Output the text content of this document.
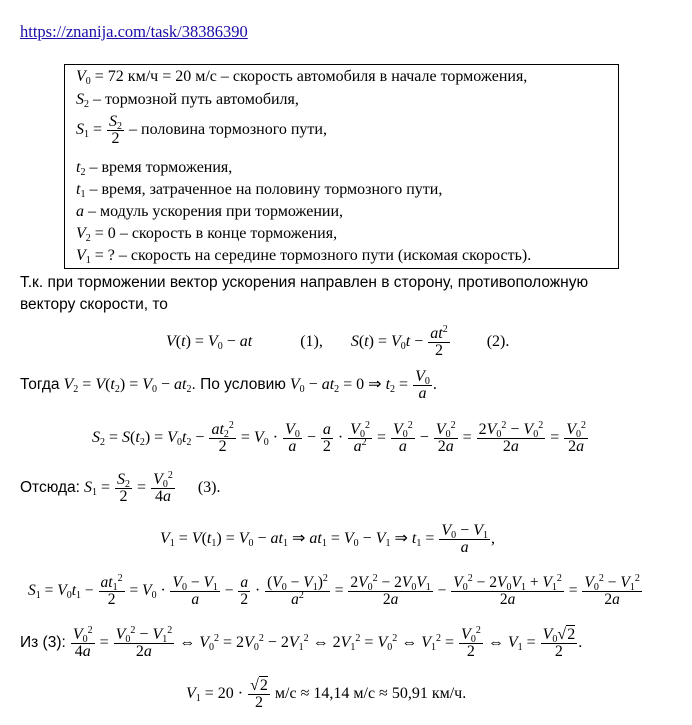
https://znanija.com/task/38386390
$V_0 = 72$ км/ч = 20 м/с – скорость автомобиля в начале торможения,
$S_2$ – тормозной путь автомобиля,
$S_1 = \frac{S_2}{2}$ – половина тормозного пути,
$t_2$ – время торможения,
$t_1$ – время, затраченное на половину тормозного пути,
a – модуль ускорения при торможении,
$V_2 = 0$ – скорость в конце торможения,
$V_1$ = ? – скорость на середине тормозного пути (искомая скорость).
Т.к. при торможении вектор ускорения направлен в сторону, противоположную
вектору скорости, то
$V(t) = V_0$ − at	(1), $S(t) = V_0t - \frac{at^2}{2} (2)$.
Тогда $V_2 = V(t_2) = V_0 - at_2$. По условию $V_0 - at_2 = 0$ ⇒ $t_2 = \frac{V_0}{a}$ .
$S_2 = S(t_2) = V_0t_2 - \frac{at_2^2}{2} = V_0 \cdot \frac{V_0}{a} - \frac{a}{2} \cdot \frac{V_0^2}{a^2} = \frac{V_0^2}{a} - \frac{V_0^2}{2a} = \frac{2V_0^2 - V_0^2}{2a} = \frac{V_0^2}{2a}$
Отсюда: $S_1 = \frac{S_2}{2} = \frac{V_0^2}{4a} (3)$.
$V_1 = V(t_1) = V_0 - at_1$ ⇒ $at_1 = V_0 - V_1$ ⇒ $t_1 = \frac{V_0 - V_1}{a}$ ,
$S_1 = V_0t_1 - \frac{at_1^2}{2} = V_0 \cdot \frac{V_0 - V_1}{a} - \frac{a}{2} \cdot \frac{(V_0 - V_1)^2}{a^2} = \frac{2V_0^2 - 2V_0V_1}{2a} - \frac{V_0^2 - 2V_0V_1 + V_1^2}{2a} = \frac{V_0^2 - V_1^2}{2a}$
Из (3): $\frac{V_0^2}{4a} = \frac{V_0^2 - V_1^2}{2a}$ ⇔ $V_0^2 = 2V_0^2 - 2V_1^2$ ⇔ $2V_1^2 = V_0^2$ ⇔ $V_1^2 = \frac{V_0^2}{2}$ ⇔ $V_1 = \frac{V_0√2}{2}$ .
$V_1 = 20 \cdot \frac{√2}{2} м/с \approx 14,14$ м/с ≈ 50,91 км/ч.
